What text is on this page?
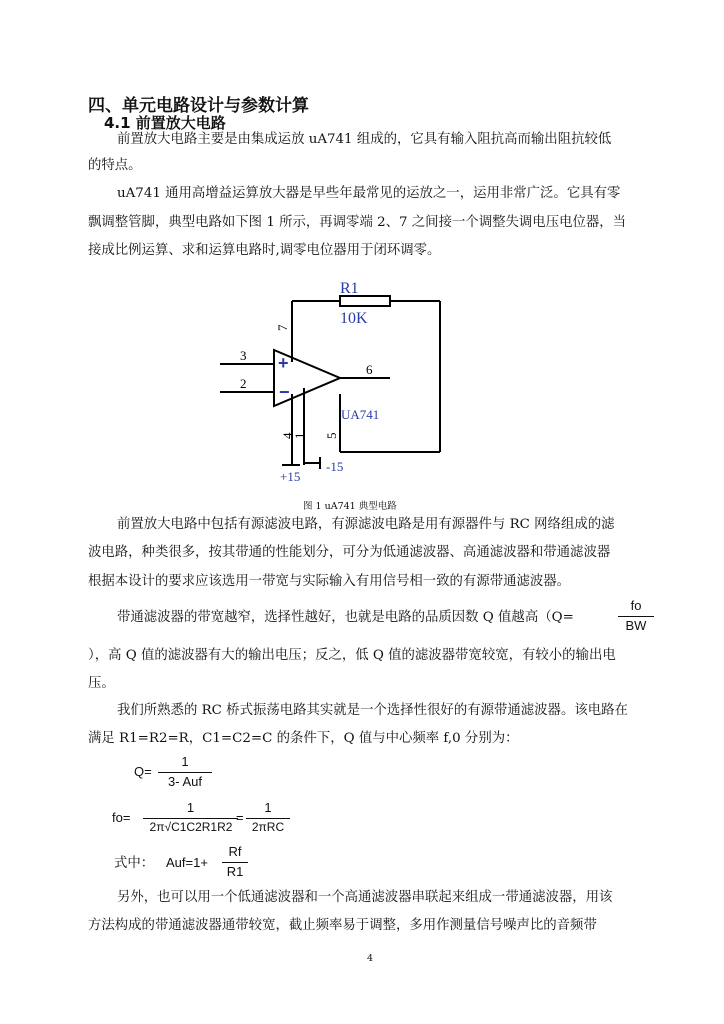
四、单元电路设计与参数计算
4.1 前置放大电路
前置放大电路主要是由集成运放 uA741 组成的，它具有输入阻抗高而输出阻抗较低
的特点。
uA741 通用高增益运算放大器是早些年最常见的运放之一，运用非常广泛。它具有零
飘调整管脚，典型电路如下图 1 所示，再调零端 2、7 之间接一个调整失调电压电位器，当
接成比例运算、求和运算电路时,调零电位器用于闭环调零。
R1
10K
7
3
2
6
4
1 5
+
−
UA741
+15
-15
图 1 uA741 典型电路
前置放大电路中包括有源滤波电路，有源滤波电路是用有源器件与 RC 网络组成的滤
波电路，种类很多，按其带通的性能划分，可分为低通滤波器、高通滤波器和带通滤波器
根据本设计的要求应该选用一带宽与实际输入有用信号相一致的有源带通滤波器。
带通滤波器的带宽越窄，选择性越好，也就是电路的品质因数 Q 值越高（Q=
fo
BW
），高 Q 值的滤波器有大的输出电压；反之，低 Q 值的滤波器带宽较宽，有较小的输出电
压。
我们所熟悉的 RC 桥式振荡电路其实就是一个选择性很好的有源带通滤波器。该电路在
满足 R1=R2=R，C1=C2=C 的条件下，Q 值与中心频率 f,0 分别为：
Q=
1
3- Auf
fo=
1
2π√C1C2R1R2
=
1
2πRC
式中： Auf=1+
Rf
R1
另外，也可以用一个低通滤波器和一个高通滤波器串联起来组成一带通滤波器，用该
方法构成的带通滤波器通带较宽，截止频率易于调整，多用作测量信号噪声比的音频带
4
